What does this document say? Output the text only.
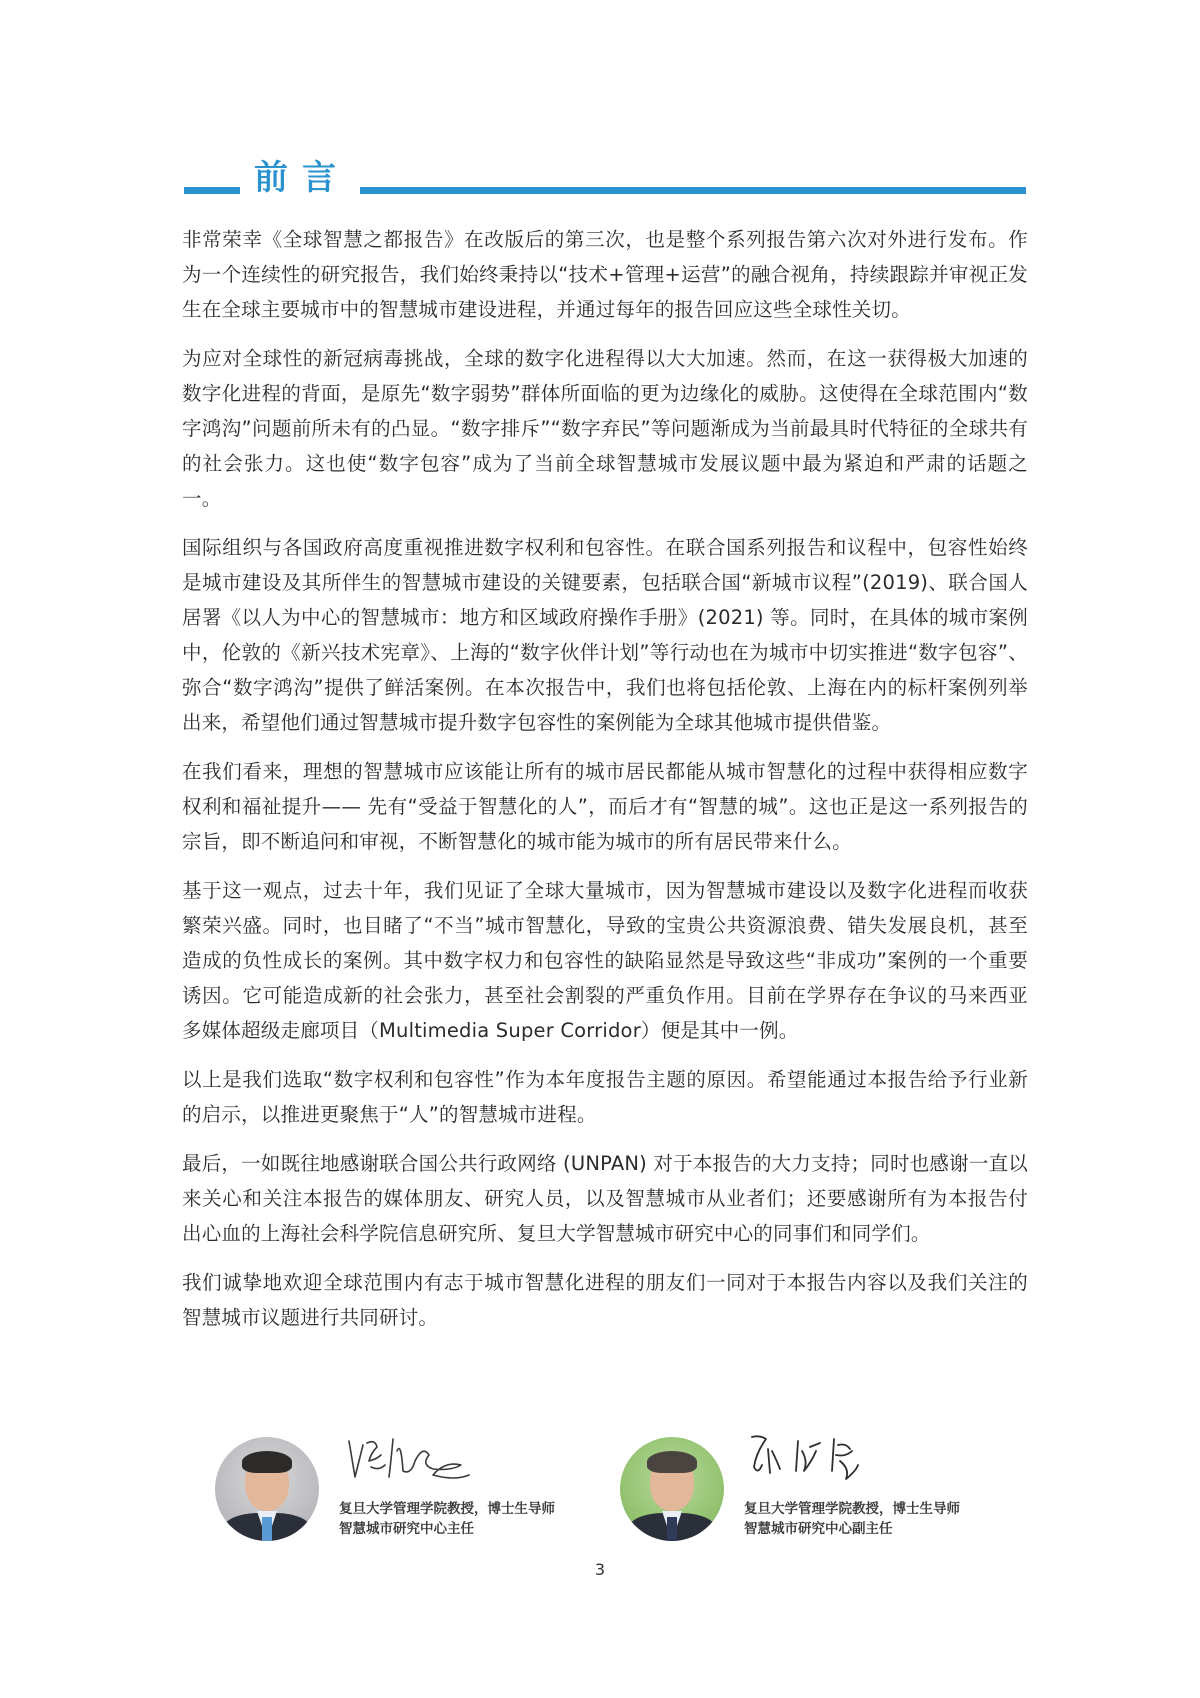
前言

非常荣幸《全球智慧之都报告》在改版后的第三次，也是整个系列报告第六次对外进行发布。作为一个连续性的研究报告，我们始终秉持以“技术+管理+运营”的融合视角，持续跟踪并审视正发生在全球主要城市中的智慧城市建设进程，并通过每年的报告回应这些全球性关切。

为应对全球性的新冠病毒挑战，全球的数字化进程得以大大加速。然而，在这一获得极大加速的数字化进程的背面，是原先“数字弱势”群体所面临的更为边缘化的威胁。这使得在全球范围内“数字鸿沟”问题前所未有的凸显。“数字排斥”“数字弃民”等问题渐成为当前最具时代特征的全球共有的社会张力。这也使“数字包容”成为了当前全球智慧城市发展议题中最为紧迫和严肃的话题之一。

国际组织与各国政府高度重视推进数字权利和包容性。在联合国系列报告和议程中，包容性始终是城市建设及其所伴生的智慧城市建设的关键要素，包括联合国“新城市议程”(2019)、联合国人居署《以人为中心的智慧城市：地方和区域政府操作手册》(2021) 等。同时，在具体的城市案例中，伦敦的《新兴技术宪章》、上海的“数字伙伴计划”等行动也在为城市中切实推进“数字包容”、弥合“数字鸿沟”提供了鲜活案例。在本次报告中，我们也将包括伦敦、上海在内的标杆案例列举出来，希望他们通过智慧城市提升数字包容性的案例能为全球其他城市提供借鉴。

在我们看来，理想的智慧城市应该能让所有的城市居民都能从城市智慧化的过程中获得相应数字权利和福祉提升—— 先有“受益于智慧化的人”，而后才有“智慧的城”。这也正是这一系列报告的宗旨，即不断追问和审视，不断智慧化的城市能为城市的所有居民带来什么。

基于这一观点，过去十年，我们见证了全球大量城市，因为智慧城市建设以及数字化进程而收获繁荣兴盛。同时，也目睹了“不当”城市智慧化，导致的宝贵公共资源浪费、错失发展良机，甚至造成的负性成长的案例。其中数字权力和包容性的缺陷显然是导致这些“非成功”案例的一个重要诱因。它可能造成新的社会张力，甚至社会割裂的严重负作用。目前在学界存在争议的马来西亚多媒体超级走廊项目（Multimedia Super Corridor）便是其中一例。

以上是我们选取“数字权利和包容性”作为本年度报告主题的原因。希望能通过本报告给予行业新的启示，以推进更聚焦于“人”的智慧城市进程。

最后，一如既往地感谢联合国公共行政网络 (UNPAN) 对于本报告的大力支持；同时也感谢一直以来关心和关注本报告的媒体朋友、研究人员，以及智慧城市从业者们；还要感谢所有为本报告付出心血的上海社会科学院信息研究所、复旦大学智慧城市研究中心的同事们和同学们。

我们诚挚地欢迎全球范围内有志于城市智慧化进程的朋友们一同对于本报告内容以及我们关注的智慧城市议题进行共同研讨。

复旦大学管理学院教授，博士生导师
智慧城市研究中心主任
复旦大学管理学院教授，博士生导师
智慧城市研究中心副主任
3
